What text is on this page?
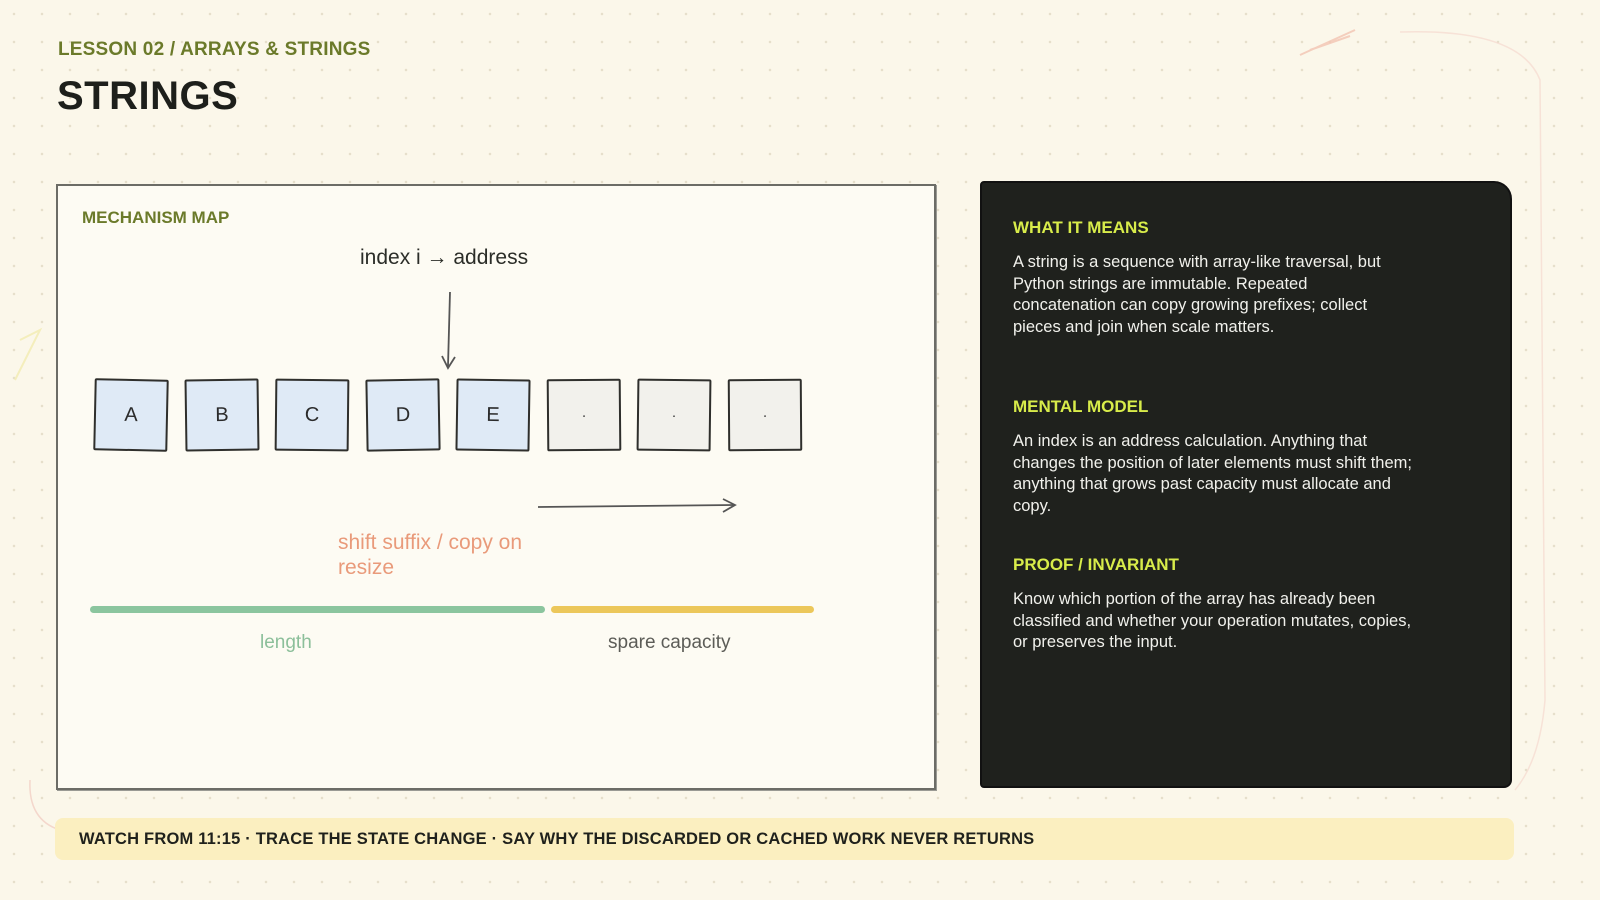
LESSON 02 / ARRAYS & STRINGS
STRINGS
MECHANISM MAP
index i → address
A	B	C	D	E	·	·	·
shift suffix / copy on resize
length	spare capacity
WHAT IT MEANS

A string is a sequence with array-like traversal, but Python strings are immutable. Repeated concatenation can copy growing prefixes; collect pieces and join when scale matters.

MENTAL MODEL

An index is an address calculation. Anything that changes the position of later elements must shift them; anything that grows past capacity must allocate and copy.

PROOF / INVARIANT

Know which portion of the array has already been classified and whether your operation mutates, copies, or preserves the input.

WATCH FROM 11:15 · TRACE THE STATE CHANGE · SAY WHY THE DISCARDED OR CACHED WORK NEVER RETURNS
